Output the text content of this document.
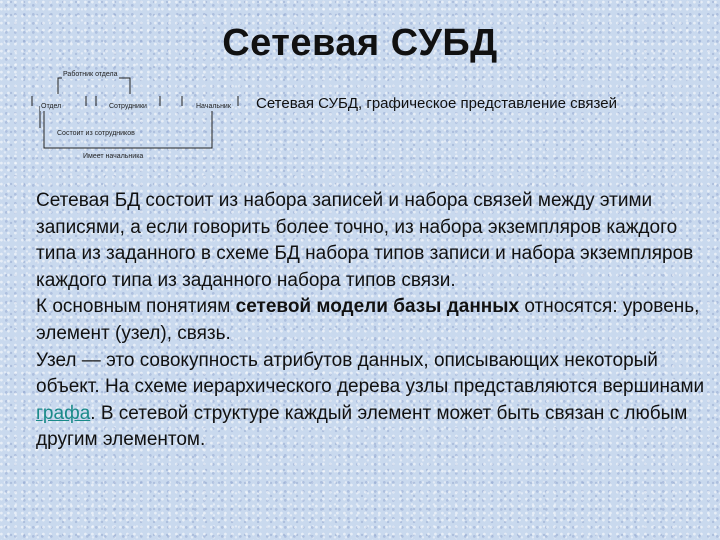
Сетевая СУБД
Работник отдела
Отдел	Сотрудники	Начальник
Состоит из сотрудников
Имеет начальника
Сетевая СУБД, графическое представление связей

Сетевая БД состоит из набора записей и набора связей между этими записями, а если говорить более точно, из набора экземпляров каждого типа из заданного в схеме БД набора типов записи и набора экземпляров каждого типа из заданного набора типов связи.

К основным понятиям сетевой модели базы данных относятся: уровень, элемент (узел), связь.

Узел — это совокупность атрибутов данных, описывающих некоторый объект. На схеме иерархического дерева узлы представляются вершинами графа. В сетевой структуре каждый элемент может быть связан с любым другим элементом.
